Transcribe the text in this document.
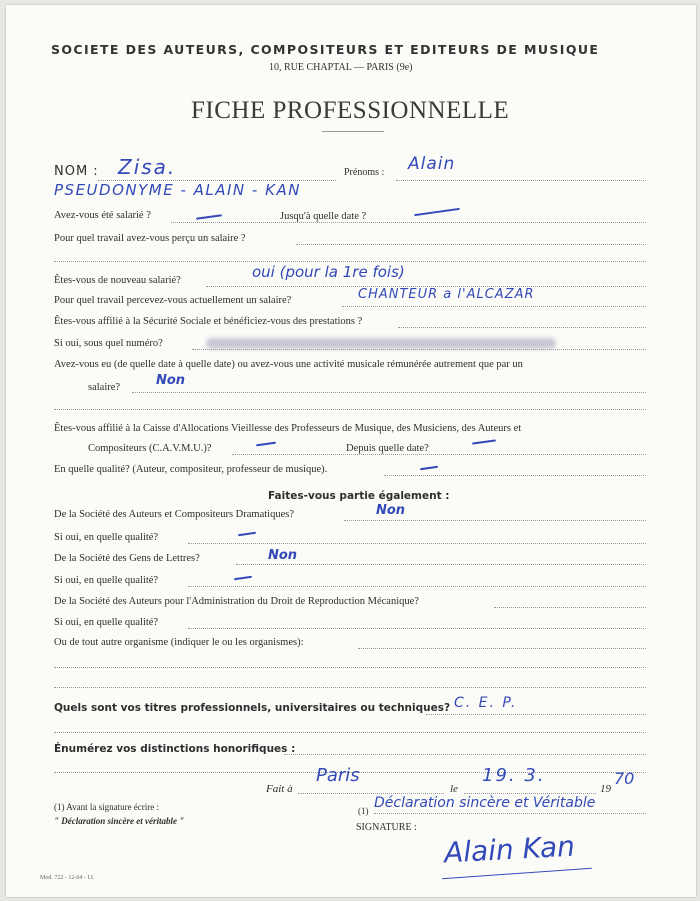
SOCIETE DES AUTEURS, COMPOSITEURS ET EDITEURS DE MUSIQUE
10, RUE CHAPTAL — PARIS (9e)
FICHE PROFESSIONNELLE
NOM : Zisa.	Prénoms : Alain
PSEUDONYME - ALAIN - KAN
Avez-vous été salarié ?	Jusqu'à quelle date ?
Pour quel travail avez-vous perçu un salaire ?
Êtes-vous de nouveau salarié?	oui (pour la 1re fois)
Pour quel travail percevez-vous actuellement un salaire?	CHANTEUR a l'ALCAZAR
Êtes-vous affilié à la Sécurité Sociale et bénéficiez-vous des prestations ?
Si oui, sous quel numéro?
Avez-vous eu (de quelle date à quelle date) ou avez-vous une activité musicale rémunérée autrement que par un
salaire?	Non
Êtes-vous affilié à la Caisse d'Allocations Vieillesse des Professeurs de Musique, des Musiciens, des Auteurs et
Compositeurs (C.A.V.M.U.)?	Depuis quelle date?
En quelle qualité? (Auteur, compositeur, professeur de musique).
Faites-vous partie également :
De la Société des Auteurs et Compositeurs Dramatiques?	Non
Si oui, en quelle qualité?
De la Société des Gens de Lettres?	Non
Si oui, en quelle qualité?
De la Société des Auteurs pour l'Administration du Droit de Reproduction Mécanique?
Si oui, en quelle qualité?
Ou de tout autre organisme (indiquer le ou les organismes):
Quels sont vos titres professionnels, universitaires ou techniques? C. E. P.
Énumérez vos distinctions honorifiques :
Fait à
Paris
le
19. 3.
19
70
(1) Avant la signature écrire :
" Déclaration sincère et véritable "
(1) Déclaration sincère et Véritable
SIGNATURE :
Alain Kan
Mod. 722 - 12-64 - I.I.
